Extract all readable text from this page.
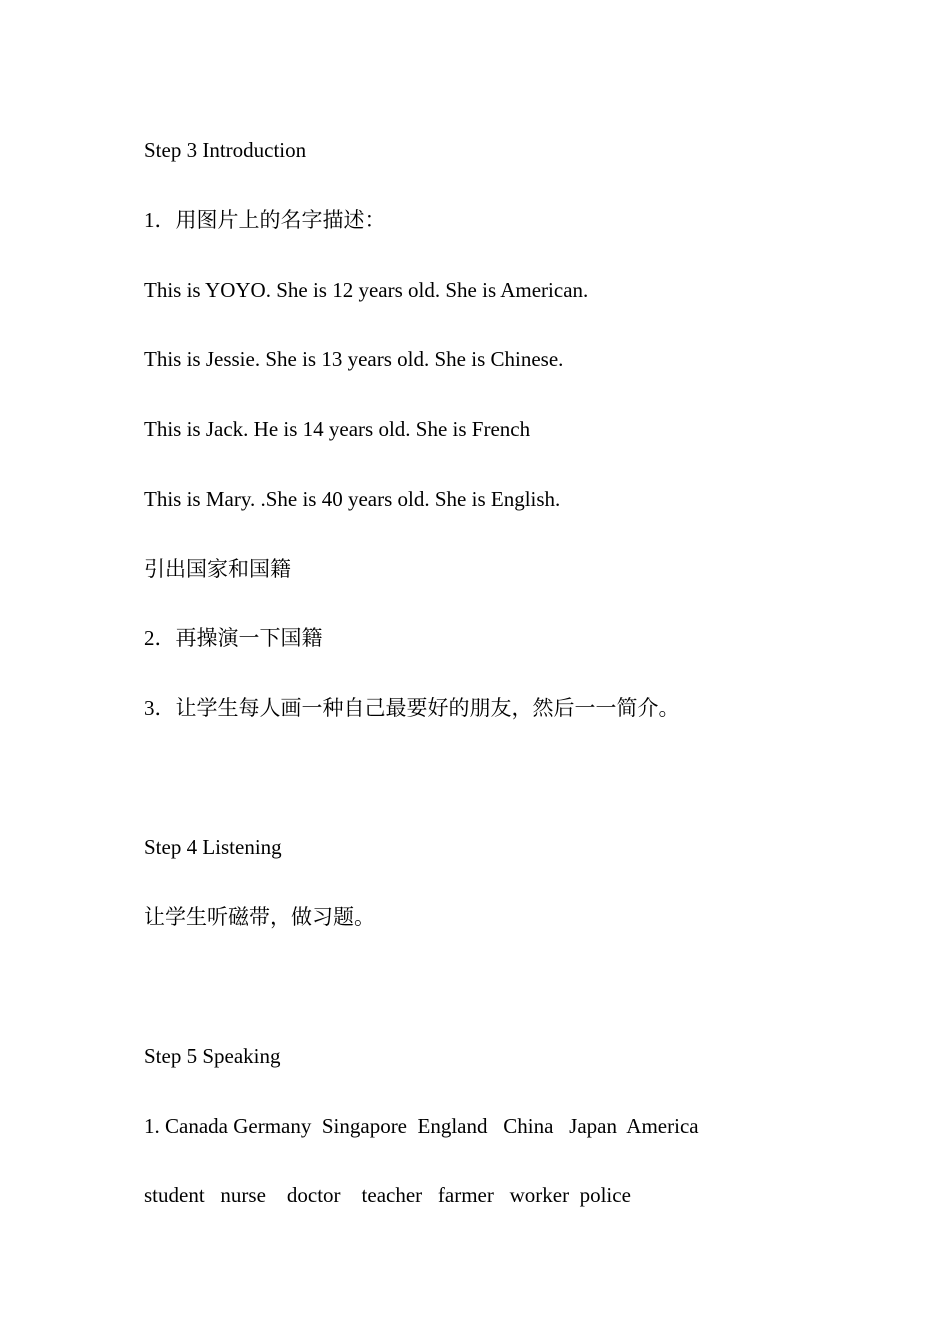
Step 3 Introduction
1．用图片上的名字描述：
This is YOYO. She is 12 years old. She is American.
This is Jessie. She is 13 years old. She is Chinese.
This is Jack. He is 14 years old. She is French
This is Mary. .She is 40 years old. She is English.
引出国家和国籍
2．再操演一下国籍
3．让学生每人画一种自己最要好的朋友，然后一一简介。
Step 4 Listening
让学生听磁带，做习题。
Step 5 Speaking
1. Canada Germany  Singapore  England   China   Japan  America
student   nurse    doctor    teacher   farmer   worker  police
